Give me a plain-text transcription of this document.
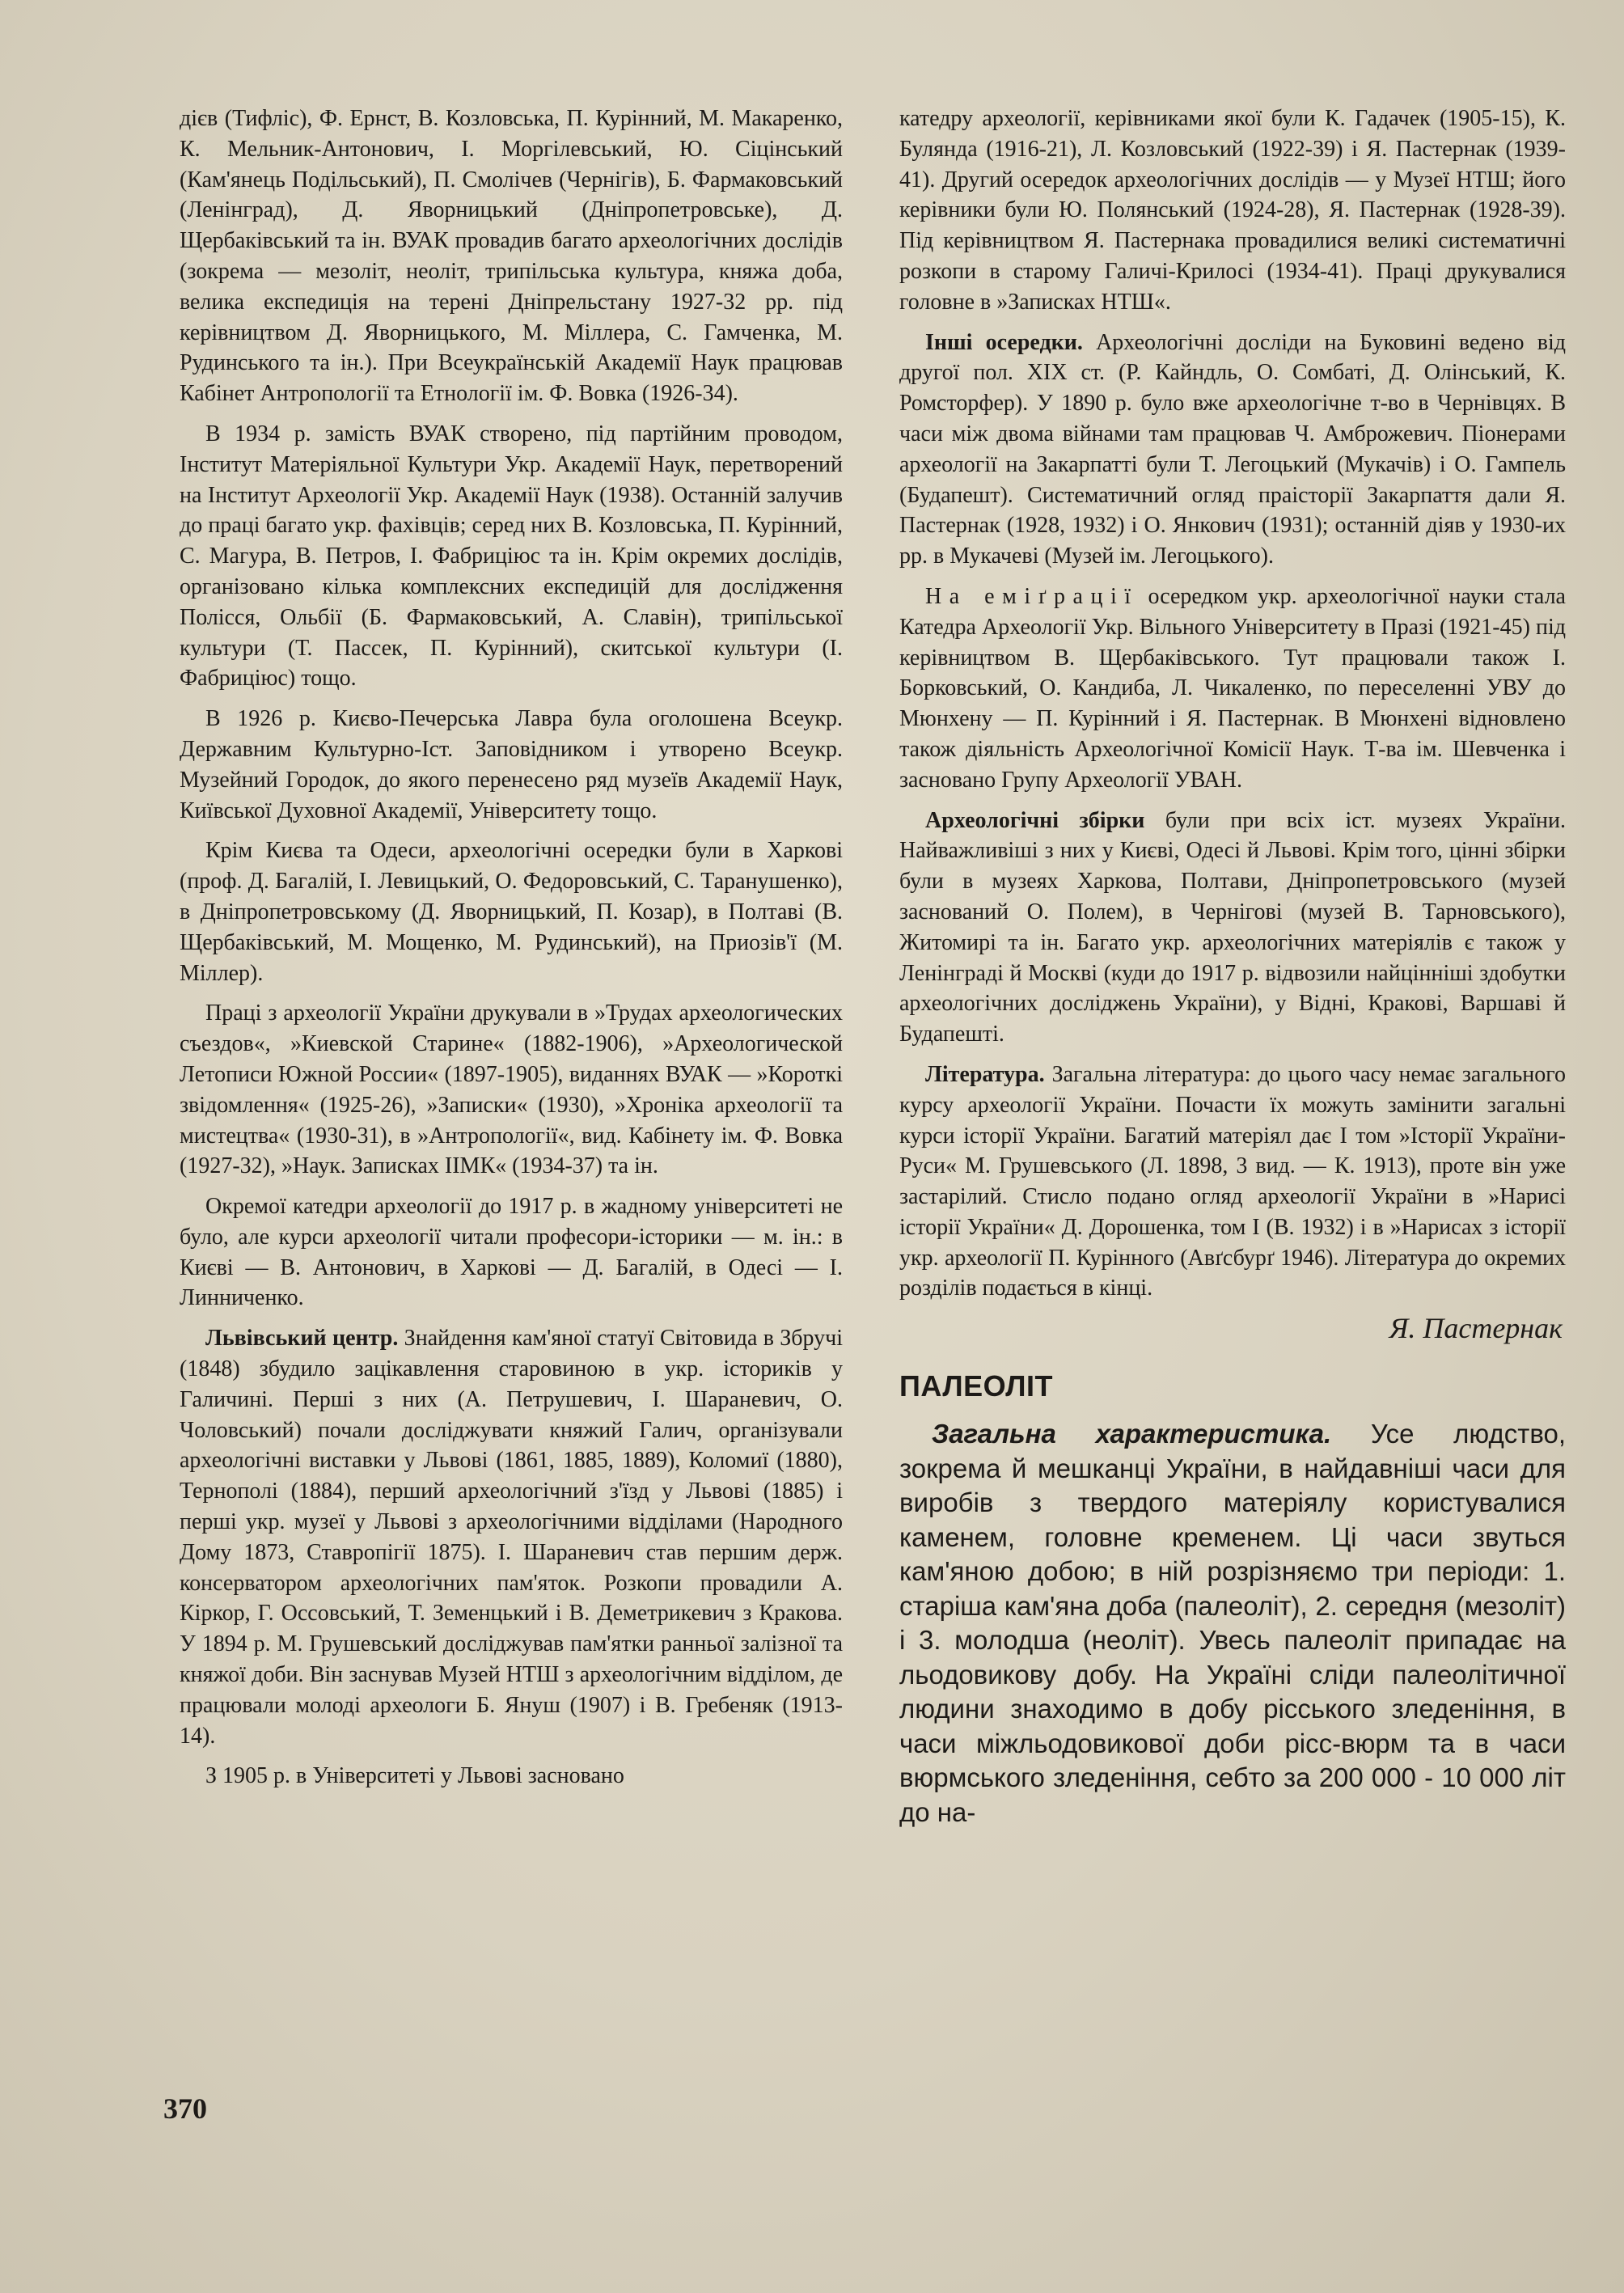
дієв (Тифліс), Ф. Ернст, В. Козловська, П. Курінний, М. Макаренко, К. Мельник-Антонович, І. Моргілевський, Ю. Сіцінський (Кам'янець Подільський), П. Смолічев (Чернігів), Б. Фармаковський (Ленінград), Д. Яворницький (Дніпропетровське), Д. Щербаківський та ін. ВУАК провадив багато археологічних дослідів (зокрема — мезоліт, неоліт, трипільська культура, княжа доба, велика експедиція на терені Дніпрельстану 1927-32 рр. під керівництвом Д. Яворницького, М. Міллера, С. Гамченка, М. Рудинського та ін.). При Всеукраїнській Академії Наук працював Кабінет Антропології та Етнології ім. Ф. Вовка (1926-34).

В 1934 р. замість ВУАК створено, під партійним проводом, Інститут Матеріяльної Культури Укр. Академії Наук, перетворений на Інститут Археології Укр. Академії Наук (1938). Останній залучив до праці багато укр. фахівців; серед них В. Козловська, П. Курінний, С. Магура, В. Петров, І. Фабриціюс та ін. Крім окремих дослідів, організовано кілька комплексних експедицій для дослідження Полісся, Ольбії (Б. Фармаковський, А. Славін), трипільської культури (Т. Пассек, П. Курінний), скитської культури (І. Фабриціюс) тощо.

В 1926 р. Києво-Печерська Лавра була оголошена Всеукр. Державним Культурно-Іст. Заповідником і утворено Всеукр. Музейний Городок, до якого перенесено ряд музеїв Академії Наук, Київської Духовної Академії, Університету тощо.

Крім Києва та Одеси, археологічні осередки були в Харкові (проф. Д. Багалій, І. Левицький, О. Федоровський, С. Таранушенко), в Дніпропетровському (Д. Яворницький, П. Козар), в Полтаві (В. Щербаківський, М. Мощенко, М. Рудинський), на Приозів'ї (М. Міллер).

Праці з археології України друкували в »Трудах археологических съездов«, »Киевской Старине« (1882-1906), »Археологической Летописи Южной России« (1897-1905), виданнях ВУАК — »Короткі звідомлення« (1925-26), »Записки« (1930), »Хроніка археології та мистецтва« (1930-31), в »Антропології«, вид. Кабінету ім. Ф. Вовка (1927-32), »Наук. Записках ІІМК« (1934-37) та ін.

Окремої катедри археології до 1917 р. в жадному університеті не було, але курси археології читали професори-історики — м. ін.: в Києві — В. Антонович, в Харкові — Д. Багалій, в Одесі — І. Линниченко.

Львівський центр. Знайдення кам'яної статуї Світовида в Збручі (1848) збудило зацікавлення старовиною в укр. істориків у Галичині. Перші з них (А. Петрушевич, І. Шараневич, О. Чоловський) почали досліджувати княжий Галич, організували археологічні виставки у Львові (1861, 1885, 1889), Коломиї (1880), Тернополі (1884), перший археологічний з'їзд у Львові (1885) і перші укр. музеї у Львові з археологічними відділами (Народного Дому 1873, Ставропігії 1875). І. Шараневич став першим держ. консерватором археологічних пам'яток. Розкопи провадили А. Кіркор, Г. Оссовський, Т. Земенцький і В. Деметрикевич з Кракова. У 1894 р. М. Грушевський досліджував пам'ятки ранньої залізної та княжої доби. Він заснував Музей НТШ з археологічним відділом, де працювали молоді археологи Б. Януш (1907) і В. Гребеняк (1913-14).

З 1905 р. в Університеті у Львові засновано

катедру археології, керівниками якої були К. Гадачек (1905-15), К. Булянда (1916-21), Л. Козловський (1922-39) і Я. Пастернак (1939-41). Другий осередок археологічних дослідів — у Музеї НТШ; його керівники були Ю. Полянський (1924-28), Я. Пастернак (1928-39). Під керівництвом Я. Пастернака провадилися великі систематичні розкопи в старому Галичі-Крилосі (1934-41). Праці друкувалися головне в »Записках НТШ«.

Інші осередки. Археологічні досліди на Буковині ведено від другої пол. XIX ст. (Р. Кайндль, О. Сомбаті, Д. Олінський, К. Ромсторфер). У 1890 р. було вже археологічне т-во в Чернівцях. В часи між двома війнами там працював Ч. Амброжевич. Піонерами археології на Закарпатті були Т. Легоцький (Мукачів) і О. Гампель (Будапешт). Систематичний огляд праісторії Закарпаття дали Я. Пастернак (1928, 1932) і О. Янкович (1931); останній діяв у 1930-их рр. в Мукачеві (Музей ім. Легоцького).

На еміґрації осередком укр. археологічної науки стала Катедра Археології Укр. Вільного Університету в Празі (1921-45) під керівництвом В. Щербаківського. Тут працювали також І. Борковський, О. Кандиба, Л. Чикаленко, по переселенні УВУ до Мюнхену — П. Курінний і Я. Пастернак. В Мюнхені відновлено також діяльність Археологічної Комісії Наук. Т-ва ім. Шевченка і засновано Групу Археології УВАН.

Археологічні збірки були при всіх іст. музеях України. Найважливіші з них у Києві, Одесі й Львові. Крім того, цінні збірки були в музеях Харкова, Полтави, Дніпропетровського (музей заснований О. Полем), в Чернігові (музей В. Тарновського), Житомирі та ін. Багато укр. археологічних матеріялів є також у Ленінграді й Москві (куди до 1917 р. відвозили найцінніші здобутки археологічних досліджень України), у Відні, Кракові, Варшаві й Будапешті.

Література. Загальна література: до цього часу немає загального курсу археології України. Почасти їх можуть замінити загальні курси історії України. Багатий матеріял дає І том »Історії України-Руси« М. Грушевського (Л. 1898, 3 вид. — К. 1913), проте він уже застарілий. Стисло подано огляд археології України в »Нарисі історії України« Д. Дорошенка, том І (В. 1932) і в »Нарисах з історії укр. археології П. Курінного (Авґсбурґ 1946). Література до окремих розділів подається в кінці.

Я. Пастернак
ПАЛЕОЛІТ

Загальна характеристика. Усе людство, зокрема й мешканці України, в найдавніші часи для виробів з твердого матеріялу користувалися каменем, головне кременем. Ці часи звуться кам'яною добою; в ній розрізняємо три періоди: 1. старіша кам'яна доба (палеоліт), 2. середня (мезоліт) і 3. молодша (неоліт). Увесь палеоліт припадає на льодовикову добу. На Україні сліди палеолітичної людини знаходимо в добу рісського зледеніння, в часи міжльодовикової доби рісс-вюрм та в часи вюрмського зледеніння, себто за 200 000 - 10 000 літ до на-

370
